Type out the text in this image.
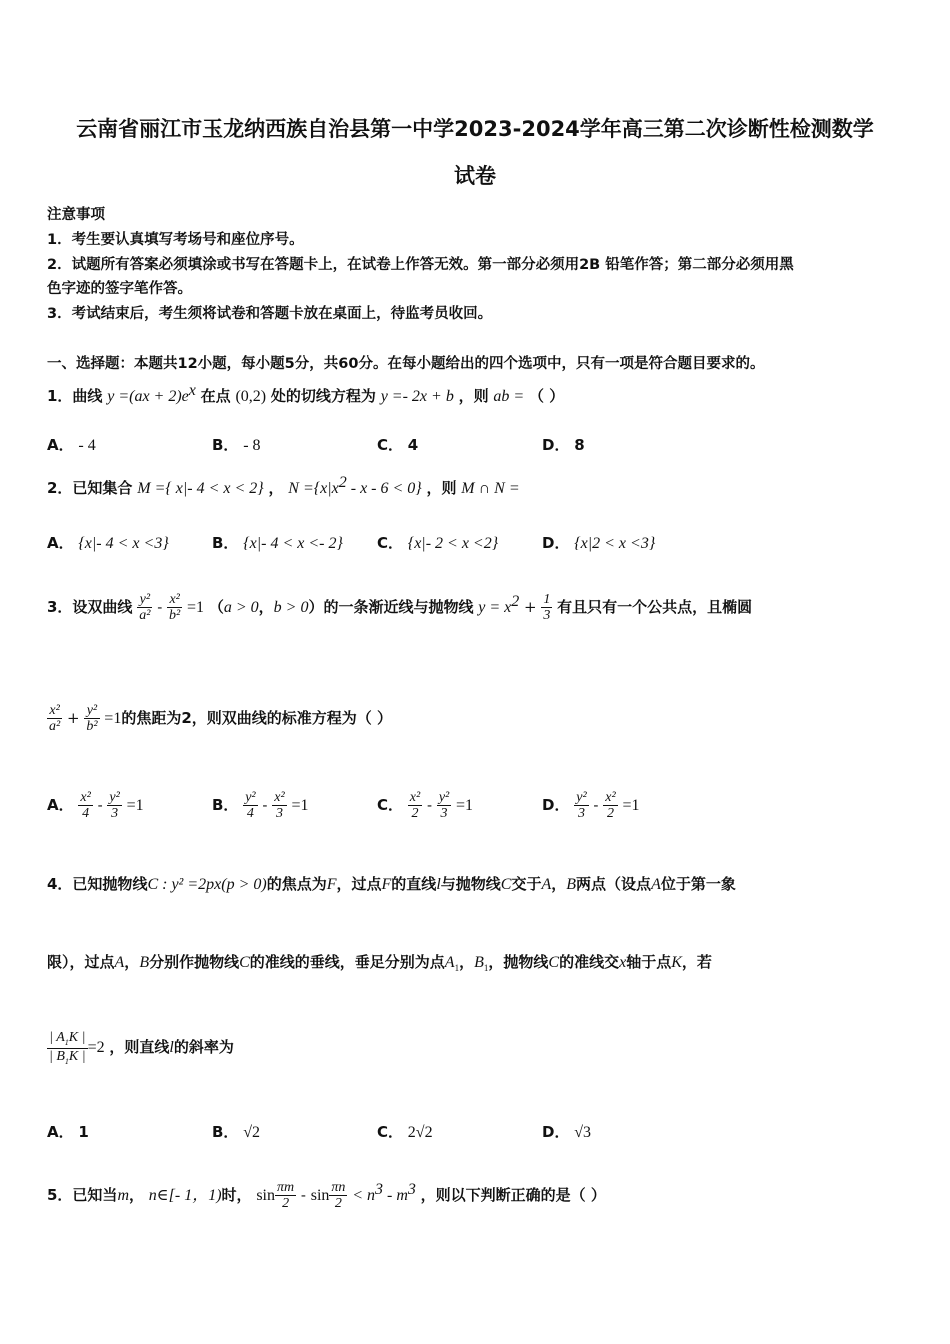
云南省丽江市玉龙纳西族自治县第一中学2023-2024学年高三第二次诊断性检测数学
试卷
注意事项
1．考生要认真填写考场号和座位序号。
2．试题所有答案必须填涂或书写在答题卡上，在试卷上作答无效。第一部分必须用2B 铅笔作答；第二部分必须用黑
色字迹的签字笔作答。
3．考试结束后，考生须将试卷和答题卡放在桌面上，待监考员收回。
一、选择题：本题共12小题，每小题5分，共60分。在每小题给出的四个选项中，只有一项是符合题目要求的。
1．曲线 $y =(ax + 2)e^x$ 在点 (0,2) 处的切线方程为 y =- 2x + b ，则 ab = （ ）
A． - 4	B． - 8	C． 4	D． 8
2．已知集合 M ={ x|- 4 < x < 2} ， $N =\{x|x^2 - x - 6 < 0\}$ ，则 M ∩ N =
A． {x|- 4 < x <3}	B． {x|- 4 < x <- 2} C． {x|- 2 < x <2}	D． {x|2 < x <3}
3．设双曲线 $\frac{\text{y²}}{\text{a²}} - \frac{\text{x²}}{\text{b²}} =1$ （a > 0，b > 0）的一条渐近线与抛物线 $y = x^2 + \frac{1}{3}$ 有且只有一个公共点，且椭圆
$\frac{\text{x²}}{\text{a²}} + \frac{\text{y²}}{\text{b²}} =1$的焦距为2，则双曲线的标准方程为（ ）
A． $\frac{\text{x²}}{4} - \frac{\text{y²}}{3} =1$	B． $\frac{\text{y²}}{4} - \frac{\text{x²}}{3} =1$	C． $\frac{\text{x²}}{2} - \frac{\text{y²}}{3} =1$	D． $\frac{\text{y²}}{3} - \frac{\text{x²}}{2} =1$
4．已知抛物线C : y² =2px(p > 0)的焦点为F，过点F的直线l与抛物线C交于A，B两点（设点A位于第一象
限），过点A，B分别作抛物线C的准线的垂线，垂足分别为点$A_1$，$B_1$，抛物线C的准线交x轴于点K，若
$\frac{| A_1K |}{| B_1K |} =2$ ，则直线l的斜率为
A． 1	B． √2	C． 2√2	D． √3
5．已知当m， n∈[- 1，1)时， $\sin \frac{\pi m}{2} - \sin \frac{\pi n}{2} < n^3 - m^3$ ，则以下判断正确的是（ ）
